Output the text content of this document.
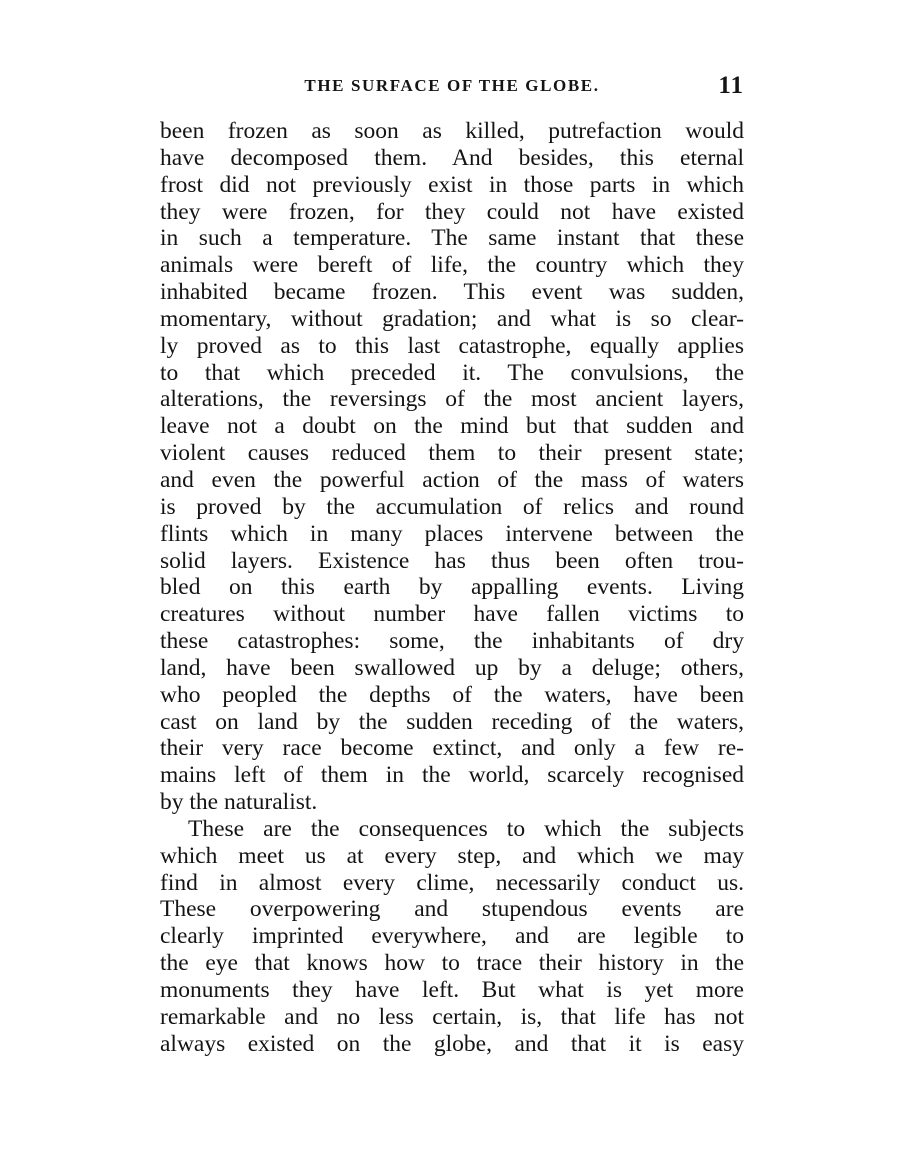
THE SURFACE OF THE GLOBE.	11
been frozen as soon as killed, putrefaction would
have decomposed them. And besides, this eternal
frost did not previously exist in those parts in which
they were frozen, for they could not have existed
in such a temperature. The same instant that these
animals were bereft of life, the country which they
inhabited became frozen. This event was sudden,
momentary, without gradation; and what is so clear-
ly proved as to this last catastrophe, equally applies
to that which preceded it. The convulsions, the
alterations, the reversings of the most ancient layers,
leave not a doubt on the mind but that sudden and
violent causes reduced them to their present state;
and even the powerful action of the mass of waters
is proved by the accumulation of relics and round
flints which in many places intervene between the
solid layers. Existence has thus been often trou-
bled on this earth by appalling events. Living
creatures without number have fallen victims to
these catastrophes: some, the inhabitants of dry
land, have been swallowed up by a deluge; others,
who peopled the depths of the waters, have been
cast on land by the sudden receding of the waters,
their very race become extinct, and only a few re-
mains left of them in the world, scarcely recognised
by the naturalist.
These are the consequences to which the subjects
which meet us at every step, and which we may
find in almost every clime, necessarily conduct us.
These overpowering and stupendous events are
clearly imprinted everywhere, and are legible to
the eye that knows how to trace their history in the
monuments they have left. But what is yet more
remarkable and no less certain, is, that life has not
always existed on the globe, and that it is easy
